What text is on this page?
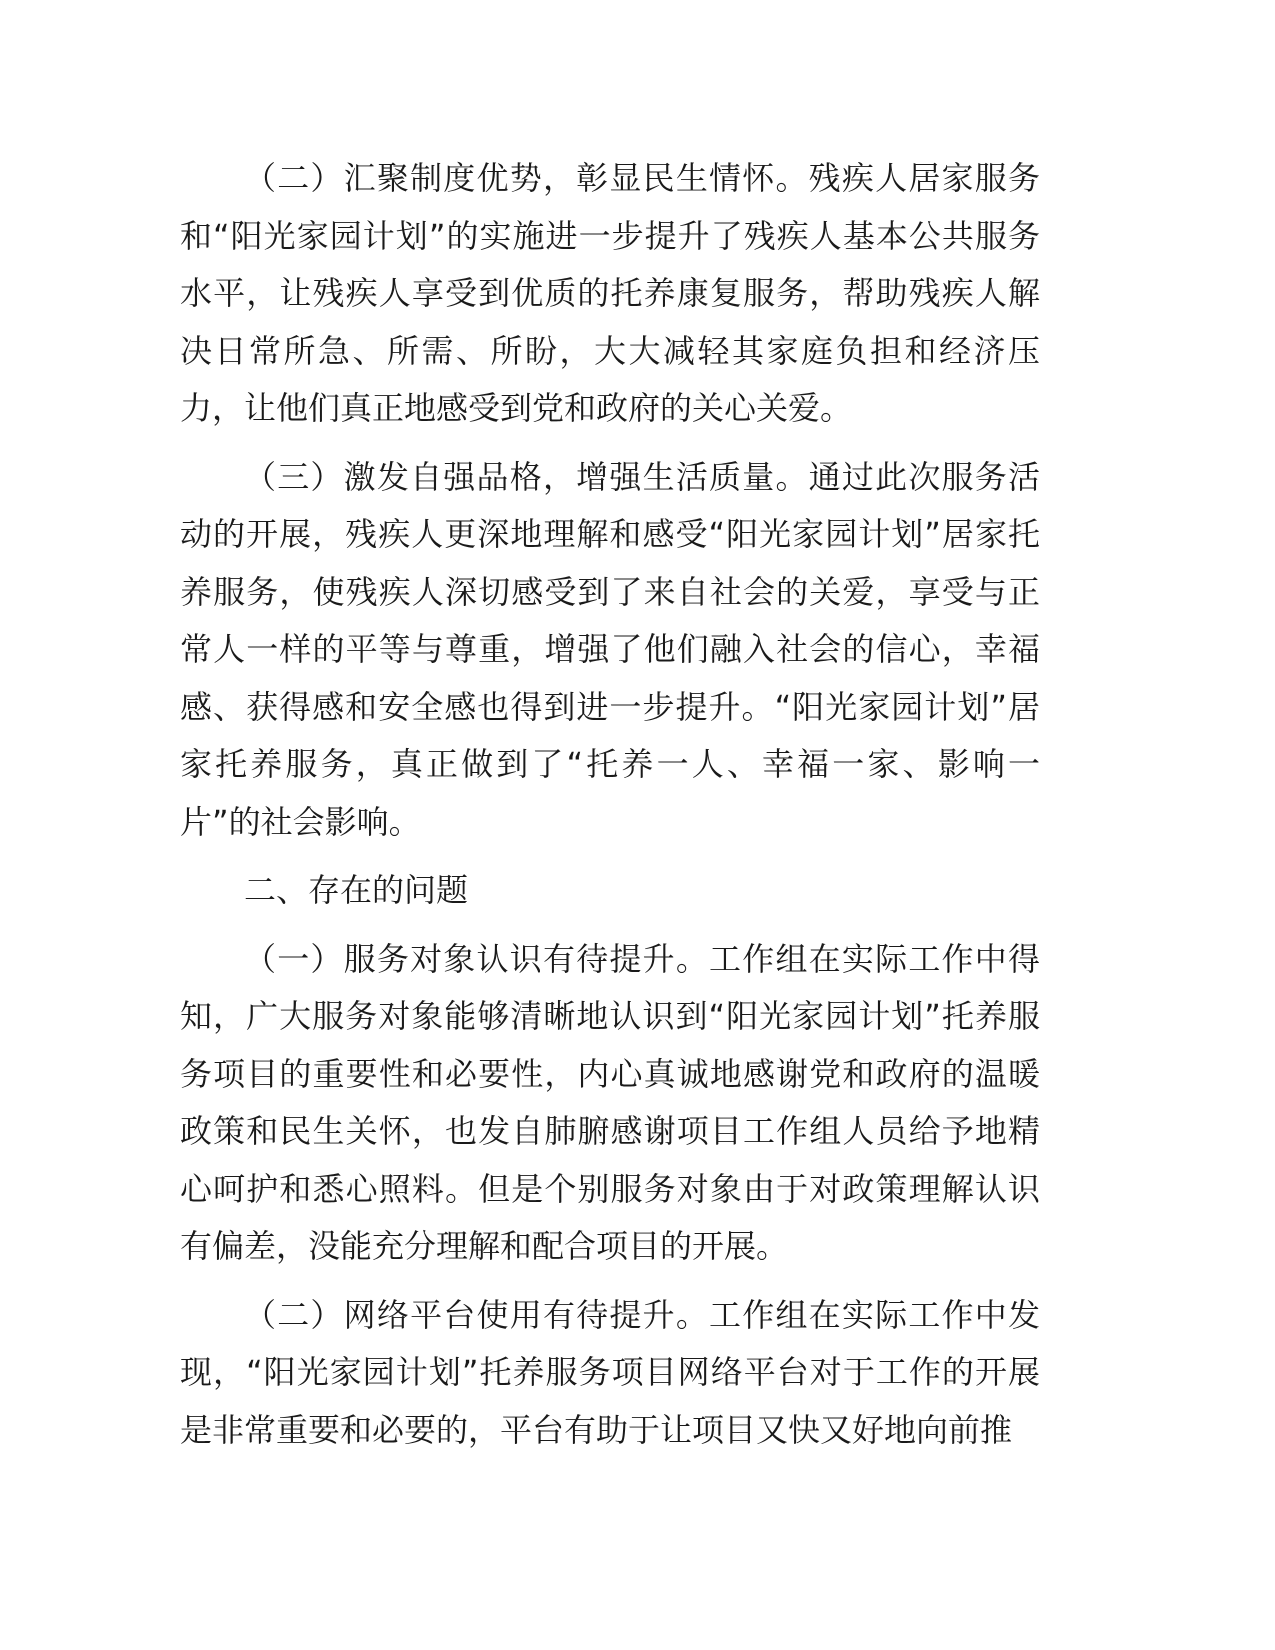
（二）汇聚制度优势，彰显民生情怀。残疾人居家服务和“阳光家园计划”的实施进一步提升了残疾人基本公共服务水平，让残疾人享受到优质的托养康复服务，帮助残疾人解决日常所急、所需、所盼，大大减轻其家庭负担和经济压力，让他们真正地感受到党和政府的关心关爱。

（三）激发自强品格，增强生活质量。通过此次服务活动的开展，残疾人更深地理解和感受“阳光家园计划”居家托养服务，使残疾人深切感受到了来自社会的关爱，享受与正常人一样的平等与尊重，增强了他们融入社会的信心，幸福感、获得感和安全感也得到进一步提升。“阳光家园计划”居家托养服务，真正做到了“托养一人、幸福一家、影响一片”的社会影响。

二、存在的问题

（一）服务对象认识有待提升。工作组在实际工作中得知，广大服务对象能够清晰地认识到“阳光家园计划”托养服务项目的重要性和必要性，内心真诚地感谢党和政府的温暖政策和民生关怀，也发自肺腑感谢项目工作组人员给予地精心呵护和悉心照料。但是个别服务对象由于对政策理解认识有偏差，没能充分理解和配合项目的开展。

（二）网络平台使用有待提升。工作组在实际工作中发现，“阳光家园计划”托养服务项目网络平台对于工作的开展是非常重要和必要的，平台有助于让项目又快又好地向前推
